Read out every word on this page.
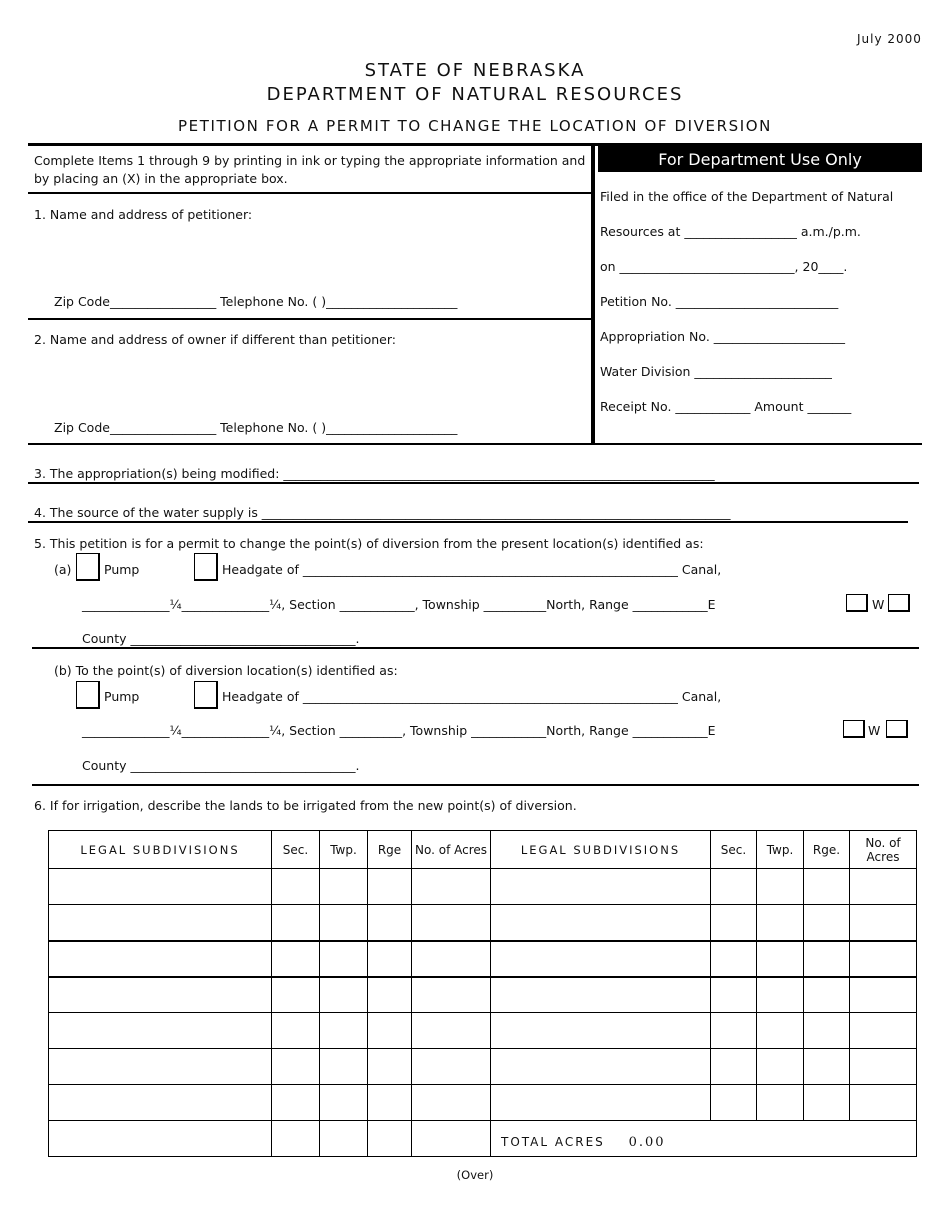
July 2000
STATE OF NEBRASKA
DEPARTMENT OF NATURAL RESOURCES
PETITION FOR A PERMIT TO CHANGE THE LOCATION OF DIVERSION
Complete Items 1 through 9 by printing in ink or typing the appropriate information and
by placing an (X) in the appropriate box.
1. Name and address of petitioner:
Zip Code_________________ Telephone No. ( )_____________________
2. Name and address of owner if different than petitioner:
Zip Code_________________ Telephone No. ( )_____________________
For Department Use Only
Filed in the office of the Department of Natural
Resources at __________________ a.m./p.m.
on ____________________________, 20____.
Petition No. __________________________
Appropriation No. _____________________
Water Division ______________________
Receipt No. ____________ Amount _______
3. The appropriation(s) being modified: _____________________________________________________________________
4. The source of the water supply is ___________________________________________________________________________
5. This petition is for a permit to change the point(s) of diversion from the present location(s) identified as:
(a)	Pump	Headgate of ____________________________________________________________ Canal,
______________¼______________¼, Section ____________, Township __________North, Range ____________E	W
County ____________________________________.
(b) To the point(s) of diversion location(s) identified as:
Pump	Headgate of ____________________________________________________________ Canal,
______________¼______________¼, Section __________, Township ____________North, Range ____________E	W
County ____________________________________.
6. If for irrigation, describe the lands to be irrigated from the new point(s) of diversion.
LEGAL SUBDIVISIONS	Sec.	Twp.	Rge	No. of Acres	LEGAL SUBDIVISIONS	Sec.	Twp.	Rge.	No. of Acres

					TOTAL ACRES 0.00				
(Over)
